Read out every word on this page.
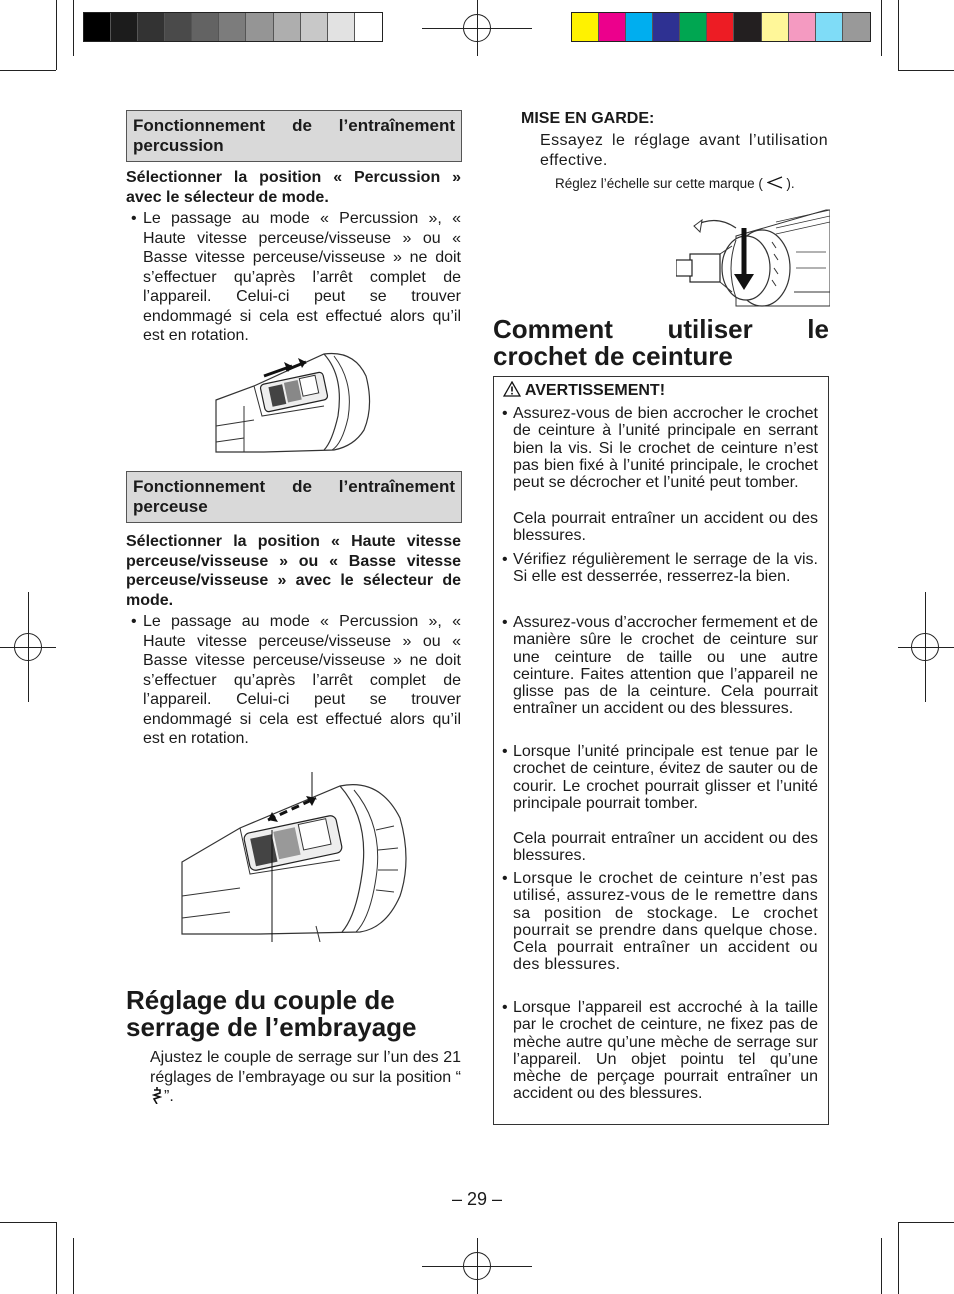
Fonctionnement de l’entraînement percussion
Sélectionner la position « Percussion » avec le sélecteur de mode.
• Le passage au mode « Percussion », « Haute vitesse perceuse/visseuse » ou « Basse vitesse perceuse/visseuse » ne doit s’effectuer qu’après l’arrêt complet de l’appareil. Celui-ci peut se trouver endommagé si cela est effectué alors qu’il est en rotation.
Fonctionnement de l’entraînement perceuse
Sélectionner la position « Haute vitesse perceuse/visseuse » ou « Basse vitesse perceuse/visseuse » avec le sélecteur de mode.
• Le passage au mode « Percussion », « Haute vitesse perceuse/visseuse » ou « Basse vitesse perceuse/visseuse » ne doit s’effectuer qu’après l’arrêt complet de l’appareil. Celui-ci peut se trouver endommagé si cela est effectué alors qu’il est en rotation.
Réglage du couple de serrage de l’embrayage
Ajustez le couple de serrage sur l’un des 21 réglages de l’embrayage ou sur la position “”.
MISE EN GARDE:
Essayez le réglage avant l’utilisation effective.
Réglez l’échelle sur cette marque ( ).
Comment utiliser le crochet de ceinture
AVERTISSEMENT!
• Assurez-vous de bien accrocher le crochet de ceinture à l’unité principale en serrant bien la vis. Si le crochet de ceinture n’est pas bien fixé à l’unité principale, le crochet peut se décrocher et l’unité peut tomber.
Cela pourrait entraîner un accident ou des blessures.
• Vérifiez régulièrement le serrage de la vis. Si elle est desserrée, resserrez-la bien.
• Assurez-vous d’accrocher fermement et de manière sûre le crochet de ceinture sur une ceinture de taille ou une autre ceinture. Faites attention que l’appareil ne glisse pas de la ceinture. Cela pourrait entraîner un accident ou des blessures.
• Lorsque l’unité principale est tenue par le crochet de ceinture, évitez de sauter ou de courir. Le crochet pourrait glisser et l’unité principale pourrait tomber.
Cela pourrait entraîner un accident ou des blessures.
• Lorsque le crochet de ceinture n’est pas utilisé, assurez-vous de le remettre dans sa position de stockage. Le crochet pourrait se prendre dans quelque chose. Cela pourrait entraîner un accident ou des blessures.
• Lorsque l’appareil est accroché à la taille par le crochet de ceinture, ne fixez pas de mèche autre qu’une mèche de serrage sur l’appareil. Un objet pointu tel qu’une mèche de perçage pourrait entraîner un accident ou des blessures.
– 29 –
